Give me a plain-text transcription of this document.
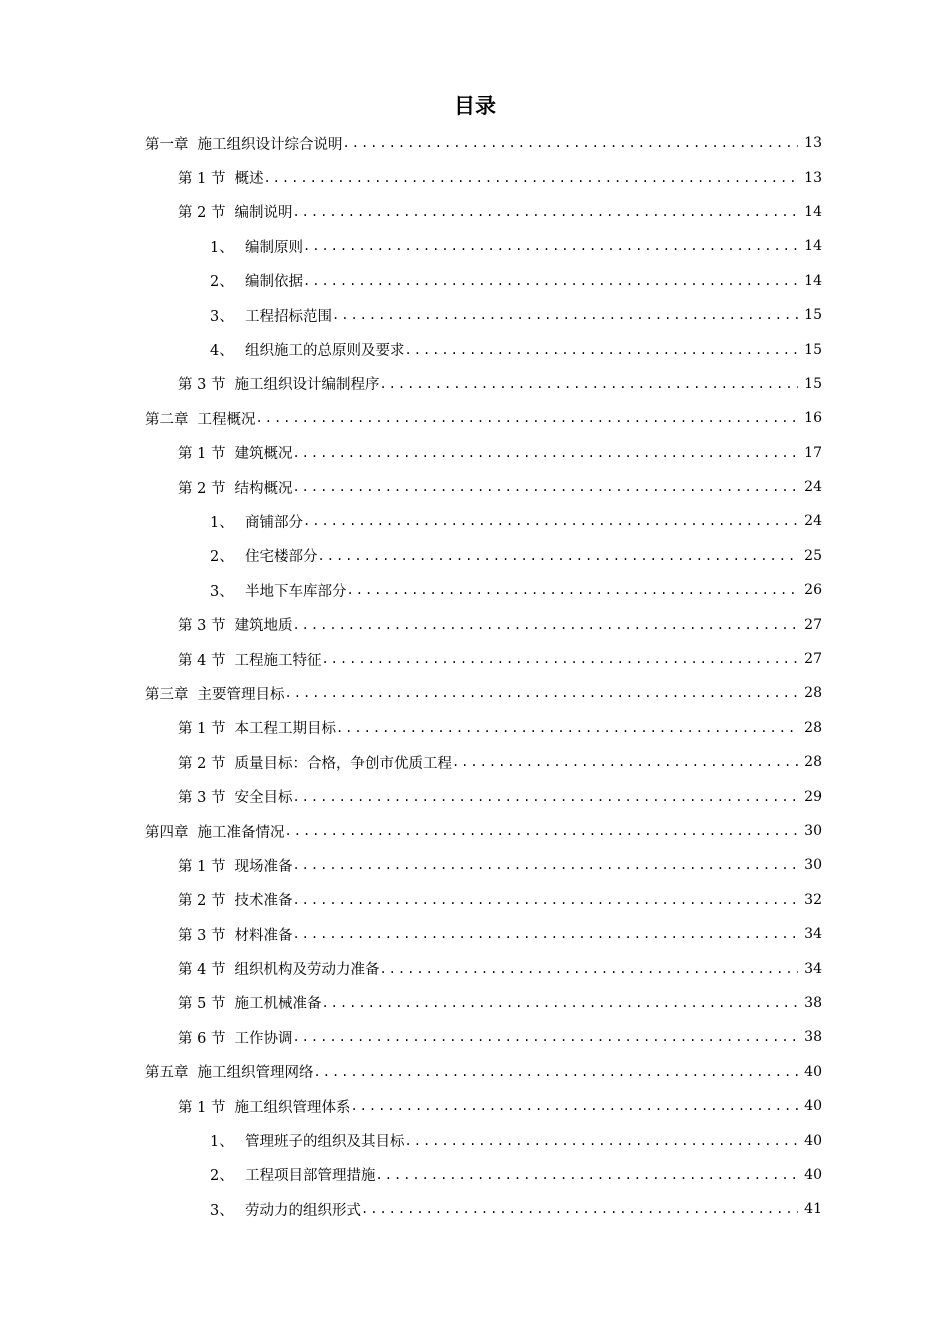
目录
第一章 施工组织设计综合说明 .....	13
第 1 节 概述 .....	13
第 2 节 编制说明 .....	14
1、 编制原则 .....	14
2、 编制依据 .....	14
3、 工程招标范围 .....	15
4、 组织施工的总原则及要求 .....	15
第 3 节 施工组织设计编制程序 .....	15
第二章 工程概况 .....	16
第 1 节 建筑概况 .....	17
第 2 节 结构概况 .....	24
1、 商铺部分 .....	24
2、 住宅楼部分 .....	25
3、 半地下车库部分 .....	26
第 3 节 建筑地质 .....	27
第 4 节 工程施工特征 .....	27
第三章 主要管理目标 .....	28
第 1 节 本工程工期目标 .....	28
第 2 节 质量目标：合格，争创市优质工程 .....	28
第 3 节 安全目标 .....	29
第四章 施工准备情况 .....	30
第 1 节 现场准备 .....	30
第 2 节 技术准备 .....	32
第 3 节 材料准备 .....	34
第 4 节 组织机构及劳动力准备 .....	34
第 5 节 施工机械准备 .....	38
第 6 节 工作协调 .....	38
第五章 施工组织管理网络 .....	40
第 1 节 施工组织管理体系 .....	40
1、 管理班子的组织及其目标 .....	40
2、 工程项目部管理措施 .....	40
3、 劳动力的组织形式 .....	41
